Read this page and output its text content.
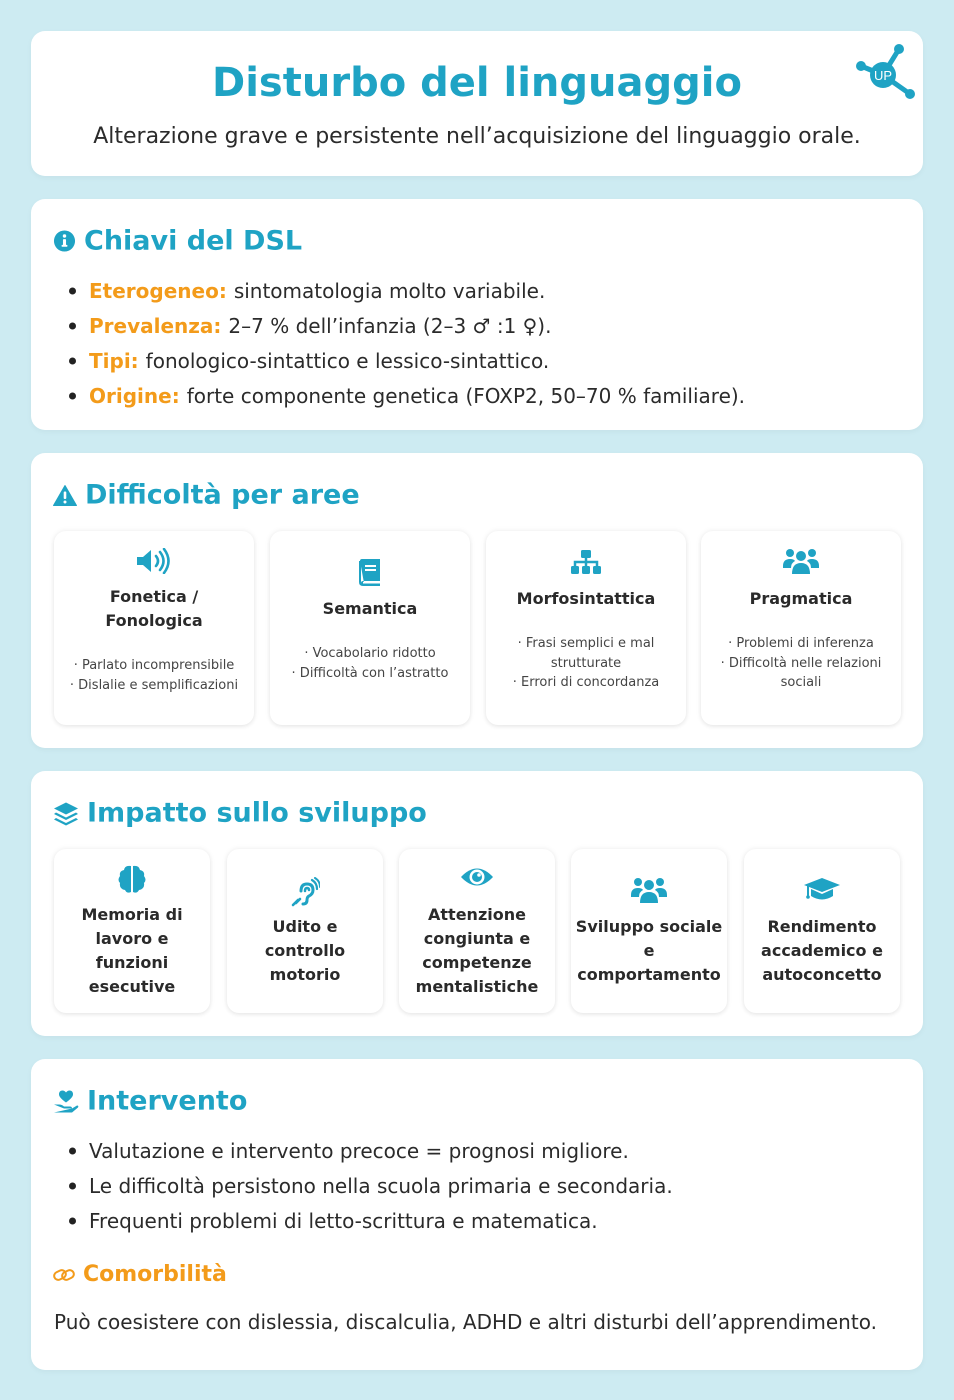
Disturbo del linguaggio
Alterazione grave e persistente nell’acquisizione del linguaggio orale.
UP
Chiavi del DSL
Eterogeneo: sintomatologia molto variabile.
Prevalenza: 2–7 % dell’infanzia (2–3 ♂ :1 ♀).
Tipi: fonologico-sintattico e lessico-sintattico.
Origine: forte componente genetica (FOXP2, 50–70 % familiare).
Difficoltà per aree
Fonetica /
Fonologica
· Parlato incomprensibile
· Dislalie e semplificazioni
Semantica
· Vocabolario ridotto
· Difficoltà con l’astratto
Morfosintattica
· Frasi semplici e mal
strutturate
· Errori di concordanza
Pragmatica
· Problemi di inferenza
· Difficoltà nelle relazioni
sociali
Impatto sullo sviluppo
Memoria di
lavoro e
funzioni
esecutive
Udito e
controllo
motorio
Attenzione
congiunta e
competenze
mentalistiche
Sviluppo sociale
e
comportamento
Rendimento
accademico e
autoconcetto
Intervento
Valutazione e intervento precoce = prognosi migliore.
Le difficoltà persistono nella scuola primaria e secondaria.
Frequenti problemi di letto-scrittura e matematica.
Comorbilità
Può coesistere con dislessia, discalculia, ADHD e altri disturbi dell’apprendimento.
